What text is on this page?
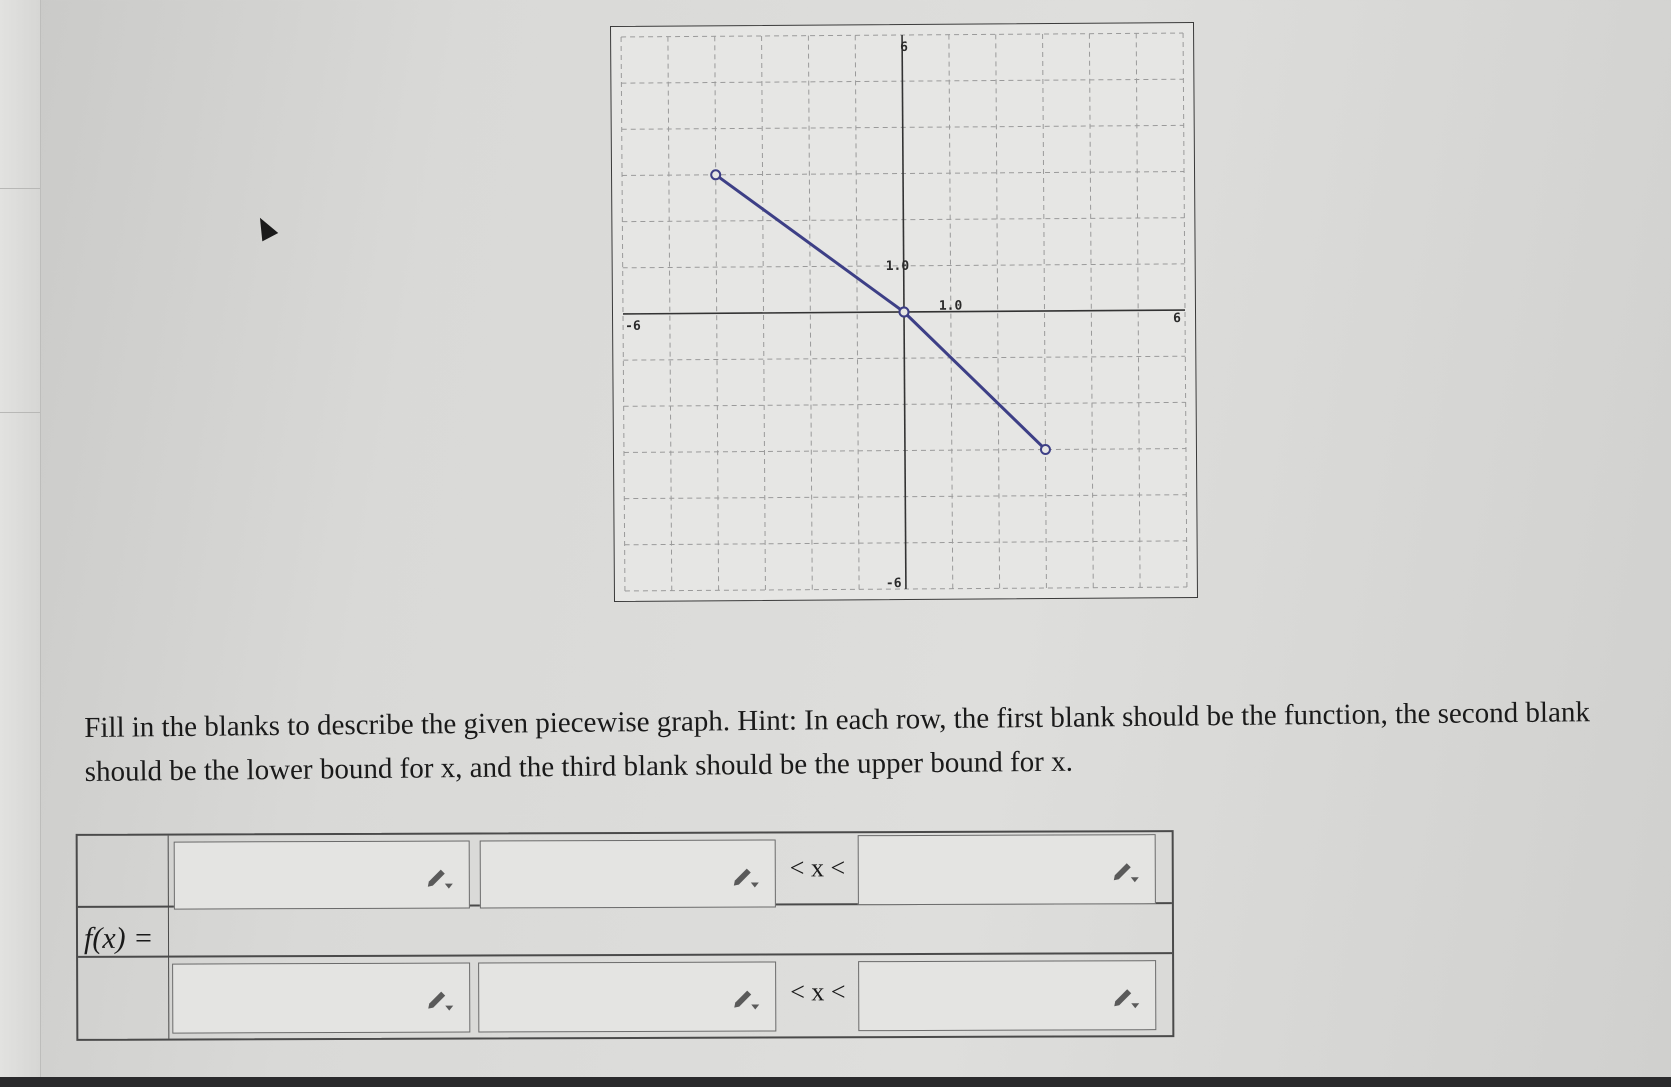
-6
6
6
-6
1.0
1.0
Fill in the blanks to describe the given piecewise graph. Hint: In each row, the first blank should be the function, the second blank should be the lower bound for x, and the third blank should be the upper bound for x.
f(x) =
< x <
< x <
